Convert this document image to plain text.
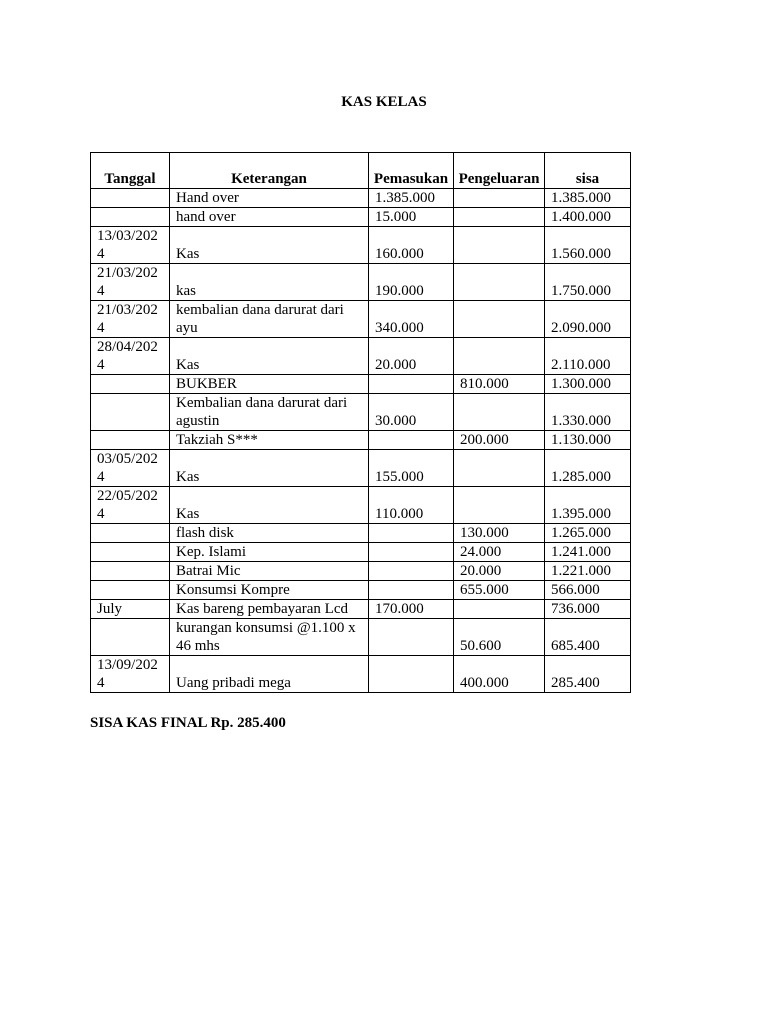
KAS KELAS
Tanggal	Keterangan	Pemasukan	Pengeluaran	sisa
	Hand over	1.385.000		1.385.000
	hand over	15.000		1.400.000
13/03/2024	Kas	160.000		1.560.000
21/03/2024	kas	190.000		1.750.000
21/03/2024	kembalian dana darurat dari ayu	340.000		2.090.000
28/04/2024	Kas	20.000		2.110.000
	BUKBER		810.000	1.300.000
	Kembalian dana darurat dari agustin	30.000		1.330.000
	Takziah S***		200.000	1.130.000
03/05/2024	Kas	155.000		1.285.000
22/05/2024	Kas	110.000		1.395.000
	flash disk		130.000	1.265.000
	Kep. Islami		24.000	1.241.000
	Batrai Mic		20.000	1.221.000
	Konsumsi Kompre		655.000	566.000
July	Kas bareng pembayaran Lcd	170.000		736.000
	kurangan konsumsi @1.100 x 46 mhs		50.600	685.400
13/09/2024	Uang pribadi mega		400.000	285.400
SISA KAS FINAL Rp. 285.400
